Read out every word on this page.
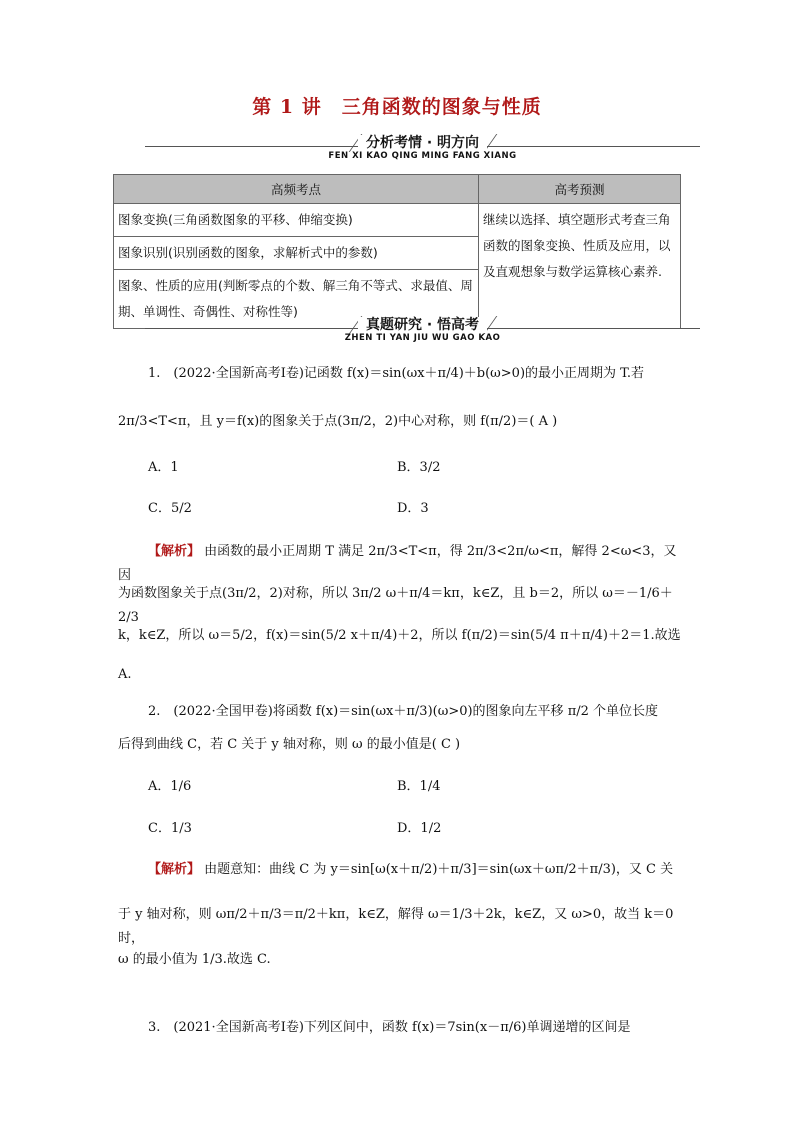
第 1 讲　三角函数的图象与性质
分析考情 · 明方向
FEN XI KAO QING MING FANG XIANG
高频考点	高考预测
图象变换(三角函数图象的平移、伸缩变换)	继续以选择、填空题形式考查三角函数的图象变换、性质及应用，以及直观想象与数学运算核心素养.
图象识别(识别函数的图象，求解析式中的参数)	
图象、性质的应用(判断零点的个数、解三角不等式、求最值、周期、单调性、奇偶性、对称性等)	
真题研究 · 悟高考
ZHEN TI YAN JIU WU GAO KAO
1.　(2022·全国新高考Ⅰ卷)记函数 f(x)＝sin(ωx＋π/4)＋b(ω>0)的最小正周期为 T.若
2π/3<T<π，且 y＝f(x)的图象关于点(3π/2，2)中心对称，则 f(π/2)＝( A )
A．1	B．3/2
C．5/2	D．3
【解析】 由函数的最小正周期 T 满足 2π/3<T<π，得 2π/3<2π/ω<π，解得 2<ω<3，又因
为函数图象关于点(3π/2，2)对称，所以 3π/2 ω＋π/4＝kπ，k∈Z，且 b＝2，所以 ω＝－1/6＋2/3
k，k∈Z，所以 ω＝5/2，f(x)＝sin(5/2 x＋π/4)＋2，所以 f(π/2)＝sin(5/4 π＋π/4)＋2＝1.故选
A.
2.　(2022·全国甲卷)将函数 f(x)＝sin(ωx＋π/3)(ω>0)的图象向左平移 π/2 个单位长度
后得到曲线 C，若 C 关于 y 轴对称，则 ω 的最小值是( C )
A．1/6	B．1/4
C．1/3	D．1/2
【解析】 由题意知：曲线 C 为 y＝sin[ω(x＋π/2)＋π/3]＝sin(ωx＋ωπ/2＋π/3)，又 C 关
于 y 轴对称，则 ωπ/2＋π/3＝π/2＋kπ，k∈Z，解得 ω＝1/3＋2k，k∈Z，又 ω>0，故当 k＝0 时，
ω 的最小值为 1/3.故选 C.
3.　(2021·全国新高考Ⅰ卷)下列区间中，函数 f(x)＝7sin(x－π/6)单调递增的区间是
